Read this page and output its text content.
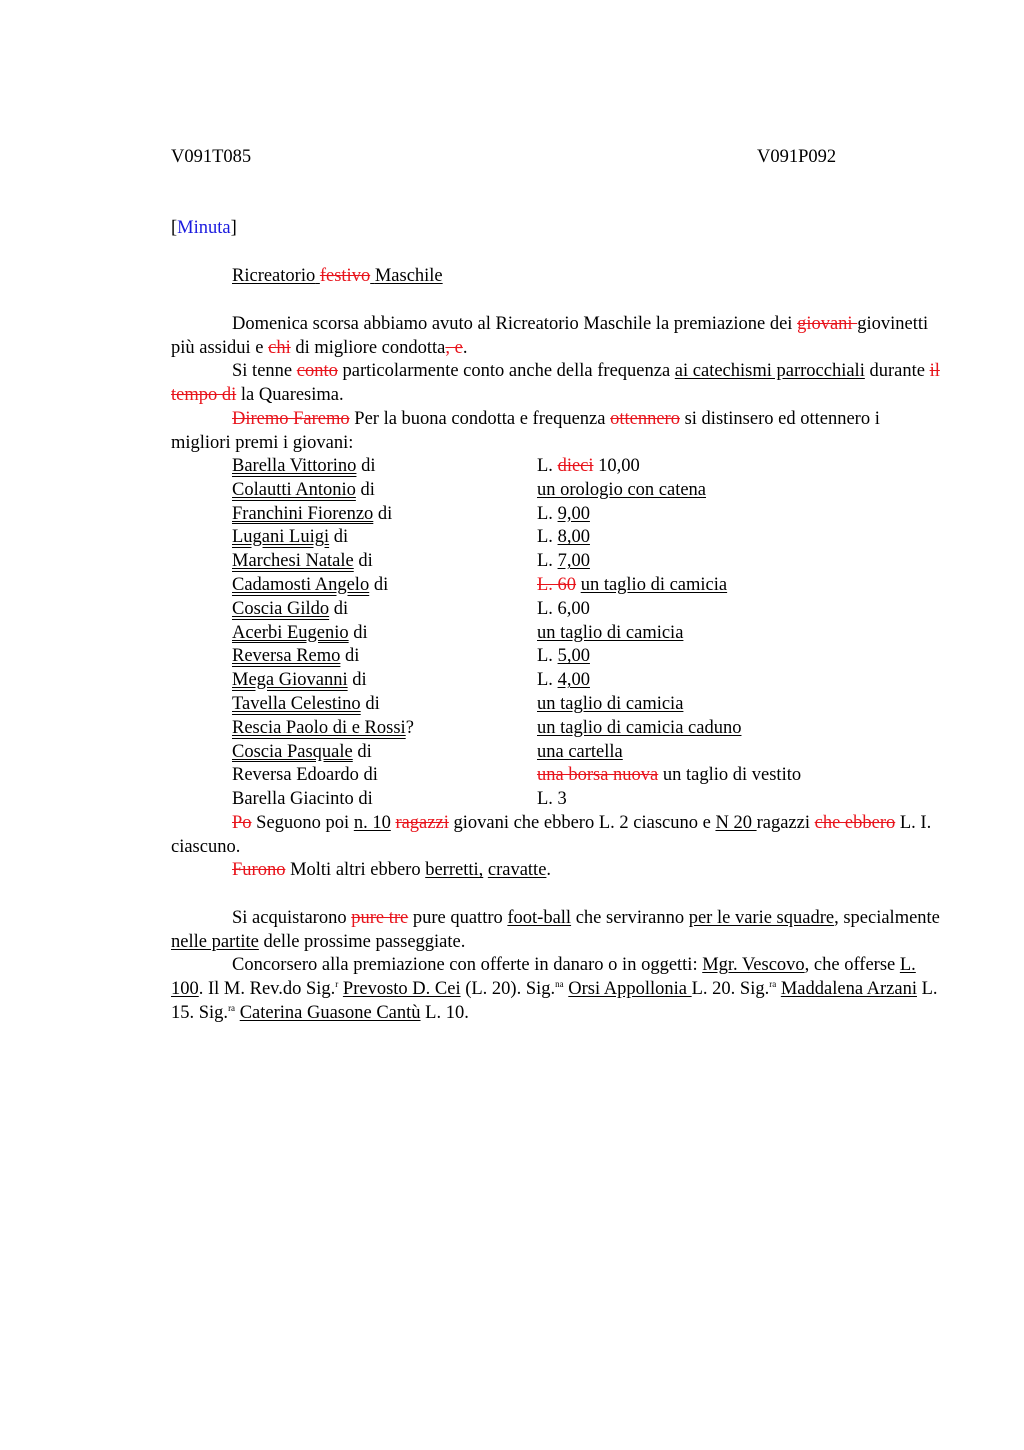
V091T085	V091P092
[Minuta]
Ricreatorio festivo Maschile

Domenica scorsa abbiamo avuto al Ricreatorio Maschile la premiazione dei giovani giovinetti più assidui e chi di migliore condotta, e.

Si tenne conto particolarmente conto anche della frequenza ai catechismi parrocchiali durante il tempo di la Quaresima.

Diremo Faremo Per la buona condotta e frequenza ottennero si distinsero ed ottennero i migliori premi i giovani:

Barella Vittorino di	L. dieci 10,00
Colautti Antonio di	un orologio con catena
Franchini Fiorenzo di	L. 9,00
Lugani Luigi di	L. 8,00
Marchesi Natale di	L. 7,00
Cadamosti Angelo di	L. 60 un taglio di camicia
Coscia Gildo di	L. 6,00
Acerbi Eugenio di	un taglio di camicia
Reversa Remo di	L. 5,00
Mega Giovanni di	L. 4,00
Tavella Celestino di	un taglio di camicia
Rescia Paolo di e Rossi?	un taglio di camicia caduno
Coscia Pasquale di	una cartella
Reversa Edoardo di	una borsa nuova un taglio di vestito
Barella Giacinto di	L. 3

Po Seguono poi n. 10 ragazzi giovani che ebbero L. 2 ciascuno e N 20 ragazzi che ebbero L. I. ciascuno.

Furono Molti altri ebbero berretti, cravatte.

Si acquistarono pure tre pure quattro foot-ball che serviranno per le varie squadre, specialmente nelle partite delle prossime passeggiate.

Concorsero alla premiazione con offerte in danaro o in oggetti: Mgr. Vescovo, che offerse L. 100. Il M. Rev.do Sig.$^r$ Prevosto D. Cei (L. 20). Sig.$^{na}$ Orsi Appollonia L. 20. Sig.$^{ra}$ Maddalena Arzani L. 15. Sig.$^{ra}$ Caterina Guasone Cantù L. 10.
